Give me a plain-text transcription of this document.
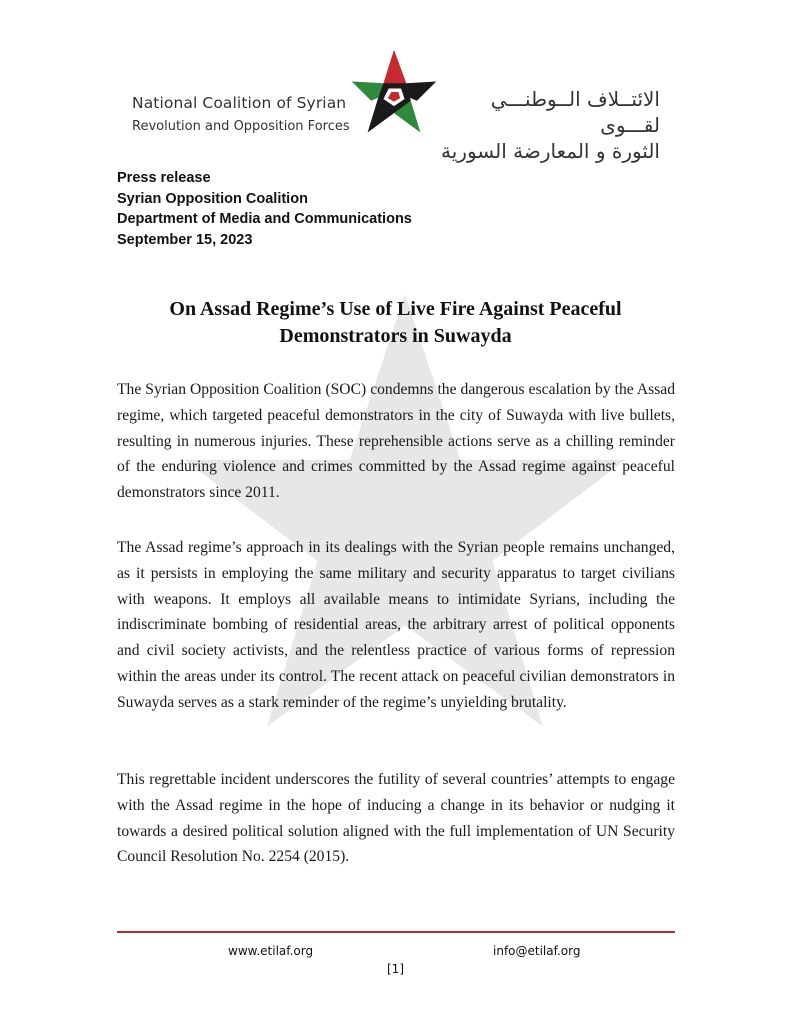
National Coalition of Syrian
Revolution and Opposition Forces
الائتــلاف الــوطنـــي لقـــوى
الثورة و المعارضة السورية
Press release
Syrian Opposition Coalition
Department of Media and Communications
September 15, 2023
On Assad Regime’s Use of Live Fire Against Peaceful
Demonstrators in Suwayda

The Syrian Opposition Coalition (SOC) condemns the dangerous escalation by the Assad regime, which targeted peaceful demonstrators in the city of Suwayda with live bullets, resulting in numerous injuries. These reprehensible actions serve as a chilling reminder of the enduring violence and crimes committed by the Assad regime against peaceful demonstrators since 2011.

The Assad regime’s approach in its dealings with the Syrian people remains unchanged, as it persists in employing the same military and security apparatus to target civilians with weapons. It employs all available means to intimidate Syrians, including the indiscriminate bombing of residential areas, the arbitrary arrest of political opponents and civil society activists, and the relentless practice of various forms of repression within the areas under its control. The recent attack on peaceful civilian demonstrators in Suwayda serves as a stark reminder of the regime’s unyielding brutality.

This regrettable incident underscores the futility of several countries’ attempts to engage with the Assad regime in the hope of inducing a change in its behavior or nudging it towards a desired political solution aligned with the full implementation of UN Security Council Resolution No. 2254 (2015).

www.etilaf.org	info@etilaf.org
[1]
